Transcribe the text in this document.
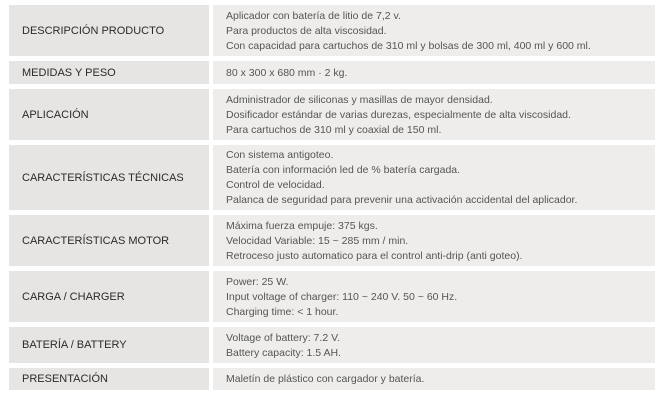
DESCRIPCIÓN PRODUCTO
Aplicador con batería de litio de 7,2 v.
Para productos de alta viscosidad.
Con capacidad para cartuchos de 310 ml y bolsas de 300 ml, 400 ml y 600 ml.
MEDIDAS Y PESO	80 x 300 x 680 mm · 2 kg.
APLICACIÓN
Administrador de siliconas y masillas de mayor densidad.
Dosificador estándar de varias durezas, especialmente de alta viscosidad.
Para cartuchos de 310 ml y coaxial de 150 ml.
CARACTERÍSTICAS TÉCNICAS
Con sistema antigoteo.
Batería con información led de % batería cargada.
Control de velocidad.
Palanca de seguridad para prevenir una activación accidental del aplicador.
CARACTERÍSTICAS MOTOR
Máxima fuerza empuje: 375 kgs.
Velocidad Variable: 15 ~ 285 mm / min.
Retroceso justo automatico para el control anti-drip (anti goteo).
CARGA / CHARGER
Power: 25 W.
Input voltage of charger: 110 ~ 240 V. 50 ~ 60 Hz.
Charging time: < 1 hour.
BATERÍA / BATTERY
Voltage of battery: 7.2 V.
Battery capacity: 1.5 AH.
PRESENTACIÓN	Maletín de plástico con cargador y batería.
